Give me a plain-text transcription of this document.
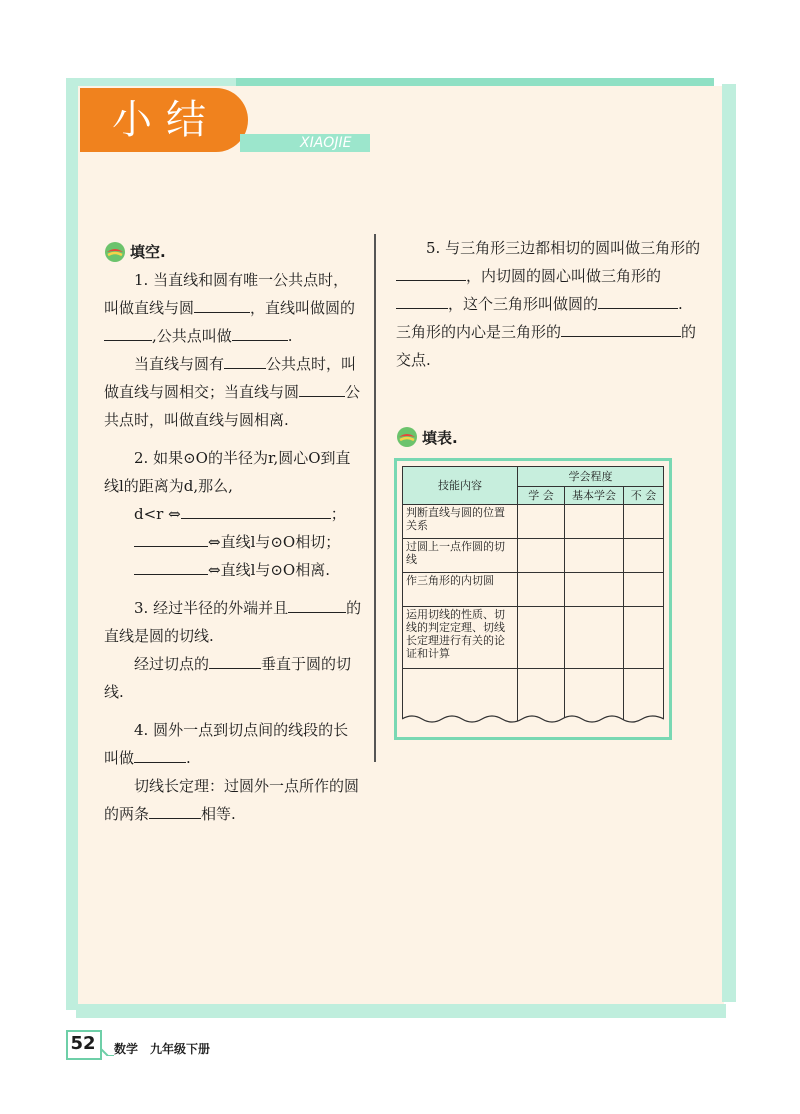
小结	XIAOJIE
填空.

1. 当直线和圆有唯一公共点时，叫做直线与圆	，直线叫做圆的,公共点叫做	.

当直线与圆有	公共点时，叫做直线与圆相交；当直线与圆	公共点时，叫做直线与圆相离.

2. 如果⊙O的半径为r,圆心O到直线l的距离为d,那么,

d<r ⇔	；

⇔直线l与⊙O相切；

⇔直线l与⊙O相离.

3. 经过半径的外端并且	的直线是圆的切线.

经过切点的	垂直于圆的切线.

4. 圆外一点到切点间的线段的长叫做	.

切线长定理：过圆外一点所作的圆的两条	相等.

5. 与三角形三边都相切的圆叫做三角形的，内切圆的圆心叫做三角形的，这个三角形叫做圆的	. 三角形的内心是三角形的	的交点.

填表.
技能内容	学会程度		
	学 会	基本学会	不 会
判断直线与圆的位置关系			
过圆上一点作圆的切线			
作三角形的内切圆			
运用切线的性质、切线的判定定理、切线长定理进行有关的论证和计算			

52 数学 九年级下册
